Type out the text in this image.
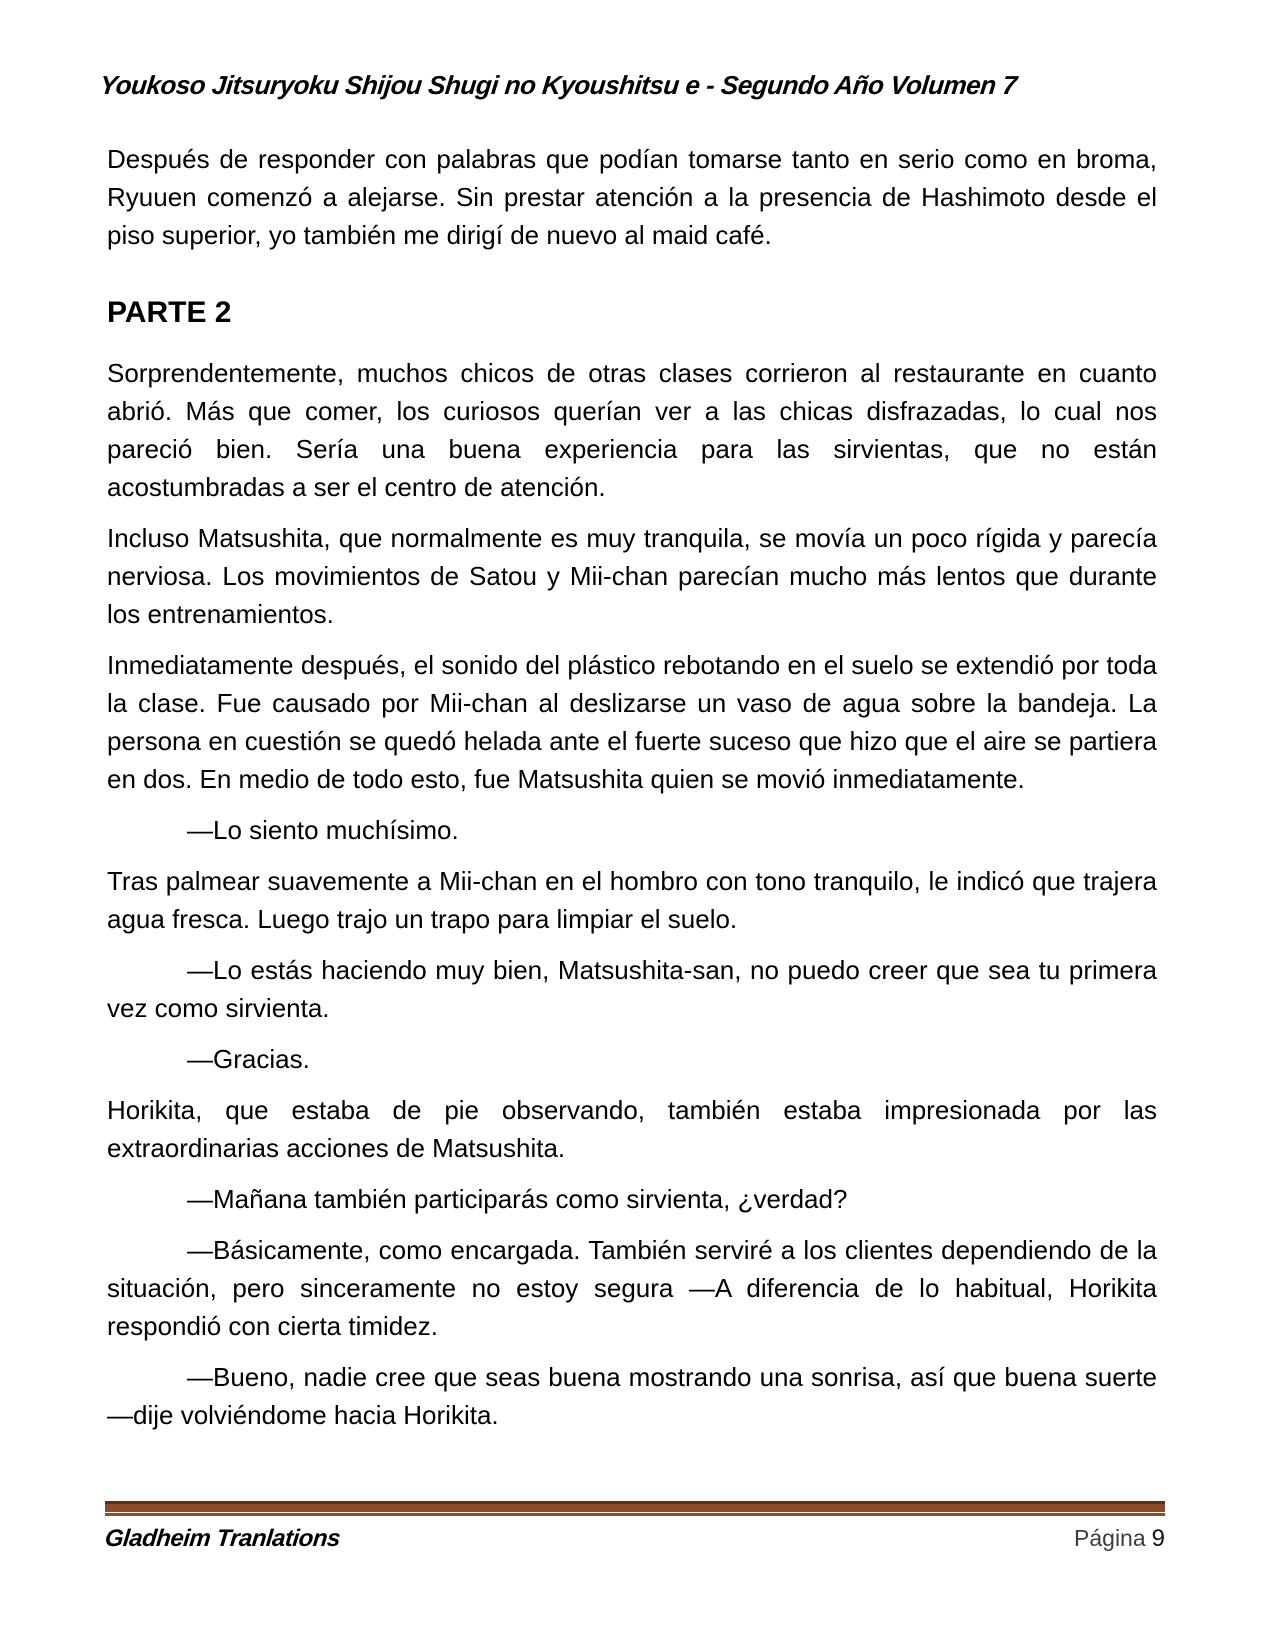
Youkoso Jitsuryoku Shijou Shugi no Kyoushitsu e - Segundo Año Volumen 7

Después de responder con palabras que podían tomarse tanto en serio como en broma, Ryuuen comenzó a alejarse. Sin prestar atención a la presencia de Hashimoto desde el piso superior, yo también me dirigí de nuevo al maid café.

PARTE 2

Sorprendentemente, muchos chicos de otras clases corrieron al restaurante en cuanto abrió. Más que comer, los curiosos querían ver a las chicas disfrazadas, lo cual nos pareció bien. Sería una buena experiencia para las sirvientas, que no están acostumbradas a ser el centro de atención.

Incluso Matsushita, que normalmente es muy tranquila, se movía un poco rígida y parecía nerviosa. Los movimientos de Satou y Mii-chan parecían mucho más lentos que durante los entrenamientos.

Inmediatamente después, el sonido del plástico rebotando en el suelo se extendió por toda la clase. Fue causado por Mii-chan al deslizarse un vaso de agua sobre la bandeja. La persona en cuestión se quedó helada ante el fuerte suceso que hizo que el aire se partiera en dos. En medio de todo esto, fue Matsushita quien se movió inmediatamente.

—Lo siento muchísimo.

Tras palmear suavemente a Mii-chan en el hombro con tono tranquilo, le indicó que trajera agua fresca. Luego trajo un trapo para limpiar el suelo.

—Lo estás haciendo muy bien, Matsushita-san, no puedo creer que sea tu primera vez como sirvienta.

—Gracias.

Horikita, que estaba de pie observando, también estaba impresionada por las extraordinarias acciones de Matsushita.

—Mañana también participarás como sirvienta, ¿verdad?

—Básicamente, como encargada. También serviré a los clientes dependiendo de la situación, pero sinceramente no estoy segura —A diferencia de lo habitual, Horikita respondió con cierta timidez.

—Bueno, nadie cree que seas buena mostrando una sonrisa, así que buena suerte —dije volviéndome hacia Horikita.

Gladheim Tranlations	Página 9
